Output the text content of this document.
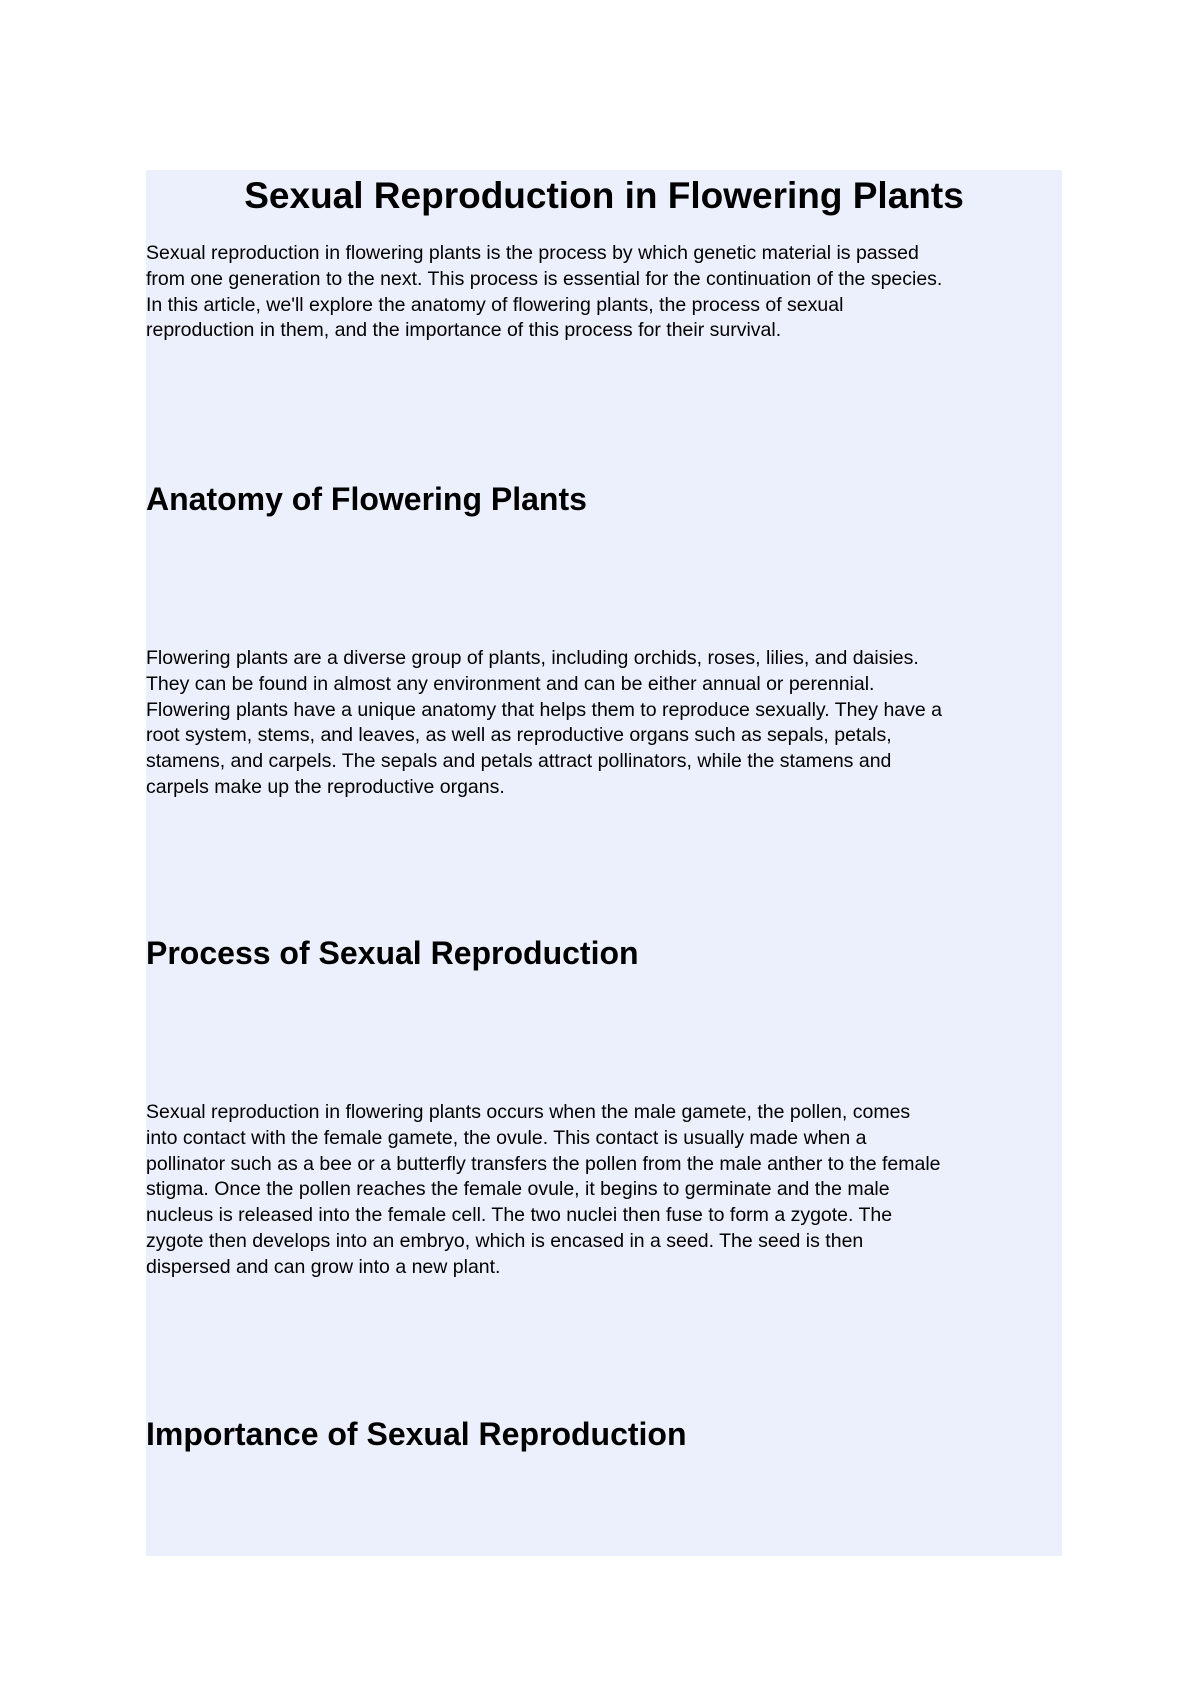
Sexual Reproduction in Flowering Plants

Sexual reproduction in flowering plants is the process by which genetic material is passed
from one generation to the next. This process is essential for the continuation of the species.
In this article, we'll explore the anatomy of flowering plants, the process of sexual
reproduction in them, and the importance of this process for their survival.

Anatomy of Flowering Plants

Flowering plants are a diverse group of plants, including orchids, roses, lilies, and daisies.
They can be found in almost any environment and can be either annual or perennial.
Flowering plants have a unique anatomy that helps them to reproduce sexually. They have a
root system, stems, and leaves, as well as reproductive organs such as sepals, petals,
stamens, and carpels. The sepals and petals attract pollinators, while the stamens and
carpels make up the reproductive organs.

Process of Sexual Reproduction

Sexual reproduction in flowering plants occurs when the male gamete, the pollen, comes
into contact with the female gamete, the ovule. This contact is usually made when a
pollinator such as a bee or a butterfly transfers the pollen from the male anther to the female
stigma. Once the pollen reaches the female ovule, it begins to germinate and the male
nucleus is released into the female cell. The two nuclei then fuse to form a zygote. The
zygote then develops into an embryo, which is encased in a seed. The seed is then
dispersed and can grow into a new plant.

Importance of Sexual Reproduction
